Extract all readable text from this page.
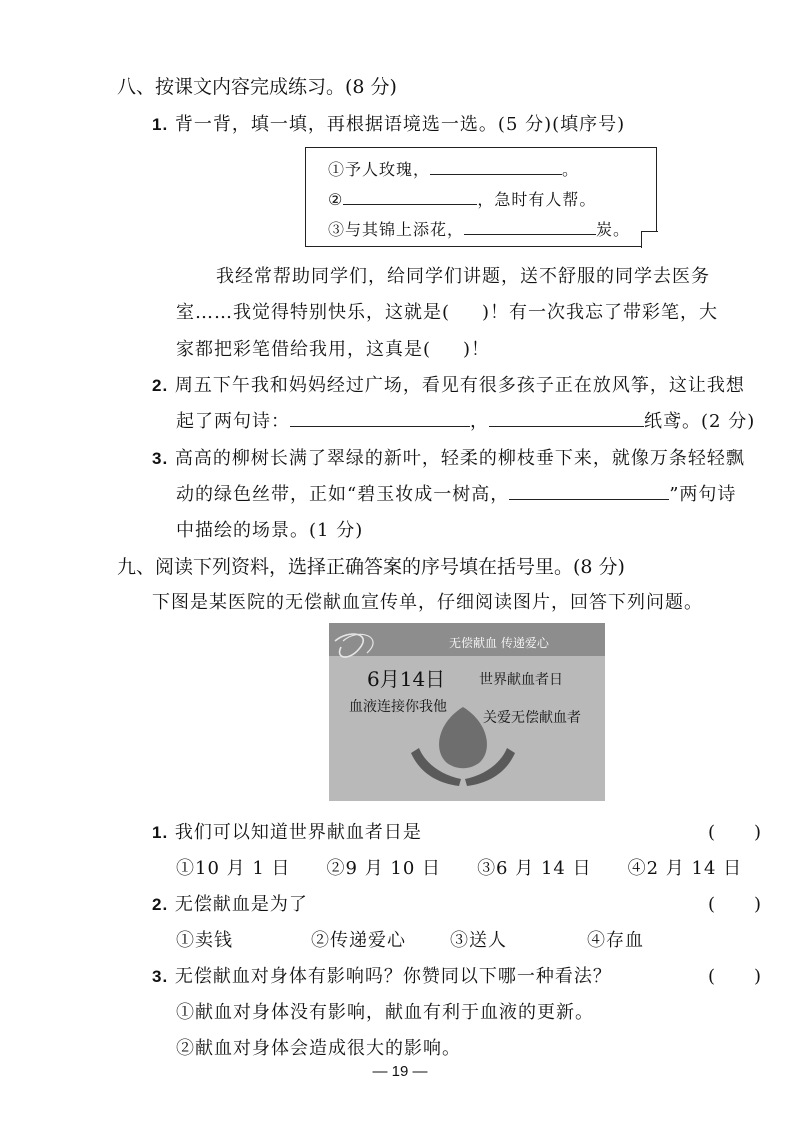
八、按课文内容完成练习。(8 分)
1. 背一背，填一填，再根据语境选一选。(5 分)(填序号)
①予人玫瑰，	。
②	，急时有人帮。
③与其锦上添花，	炭。
我经常帮助同学们，给同学们讲题，送不舒服的同学去医务
室……我觉得特别快乐，这就是( )！有一次我忘了带彩笔，大
家都把彩笔借给我用，这真是( )！
2. 周五下午我和妈妈经过广场，看见有很多孩子正在放风筝，这让我想
起了两句诗：	，	纸鸢。(2 分)
3. 高高的柳树长满了翠绿的新叶，轻柔的柳枝垂下来，就像万条轻轻飘
动的绿色丝带，正如“碧玉妆成一树高，	”两句诗
中描绘的场景。(1 分)
九、阅读下列资料，选择正确答案的序号填在括号里。(8 分)
下图是某医院的无偿献血宣传单，仔细阅读图片，回答下列问题。
无偿献血 传递爱心
6月14日 世界献血者日
血液连接你我他
关爱无偿献血者
1. 我们可以知道世界献血者日是	(　　)
①10 月 1 日 ②9 月 10 日 ③6 月 14 日 ④2 月 14 日
2. 无偿献血是为了	(　　)
①卖钱	②传递爱心 ③送人	④存血
3. 无偿献血对身体有影响吗？你赞同以下哪一种看法？	(　　)
①献血对身体没有影响，献血有利于血液的更新。
②献血对身体会造成很大的影响。
— 19 —
